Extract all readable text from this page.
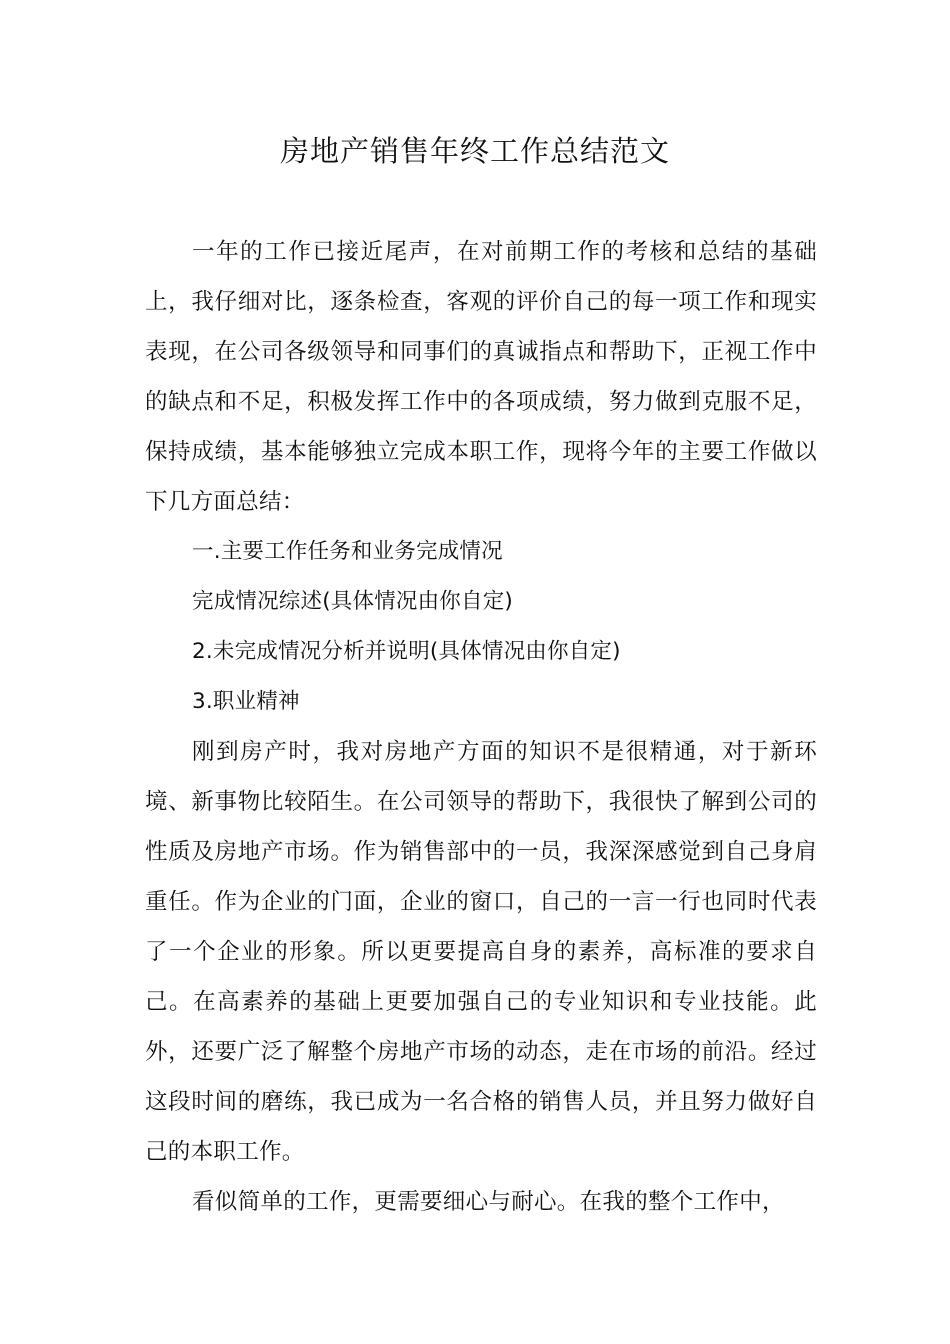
房地产销售年终工作总结范文

一年的工作已接近尾声，在对前期工作的考核和总结的基础上，我仔细对比，逐条检查，客观的评价自己的每一项工作和现实表现，在公司各级领导和同事们的真诚指点和帮助下，正视工作中的缺点和不足，积极发挥工作中的各项成绩，努力做到克服不足，保持成绩，基本能够独立完成本职工作，现将今年的主要工作做以下几方面总结：

一.主要工作任务和业务完成情况

完成情况综述(具体情况由你自定)

2.未完成情况分析并说明(具体情况由你自定)

3.职业精神

刚到房产时，我对房地产方面的知识不是很精通，对于新环境、新事物比较陌生。在公司领导的帮助下，我很快了解到公司的性质及房地产市场。作为销售部中的一员，我深深感觉到自己身肩重任。作为企业的门面，企业的窗口，自己的一言一行也同时代表了一个企业的形象。所以更要提高自身的素养，高标准的要求自己。在高素养的基础上更要加强自己的专业知识和专业技能。此外，还要广泛了解整个房地产市场的动态，走在市场的前沿。经过这段时间的磨练，我已成为一名合格的销售人员，并且努力做好自己的本职工作。

看似简单的工作，更需要细心与耐心。在我的整个工作中，
